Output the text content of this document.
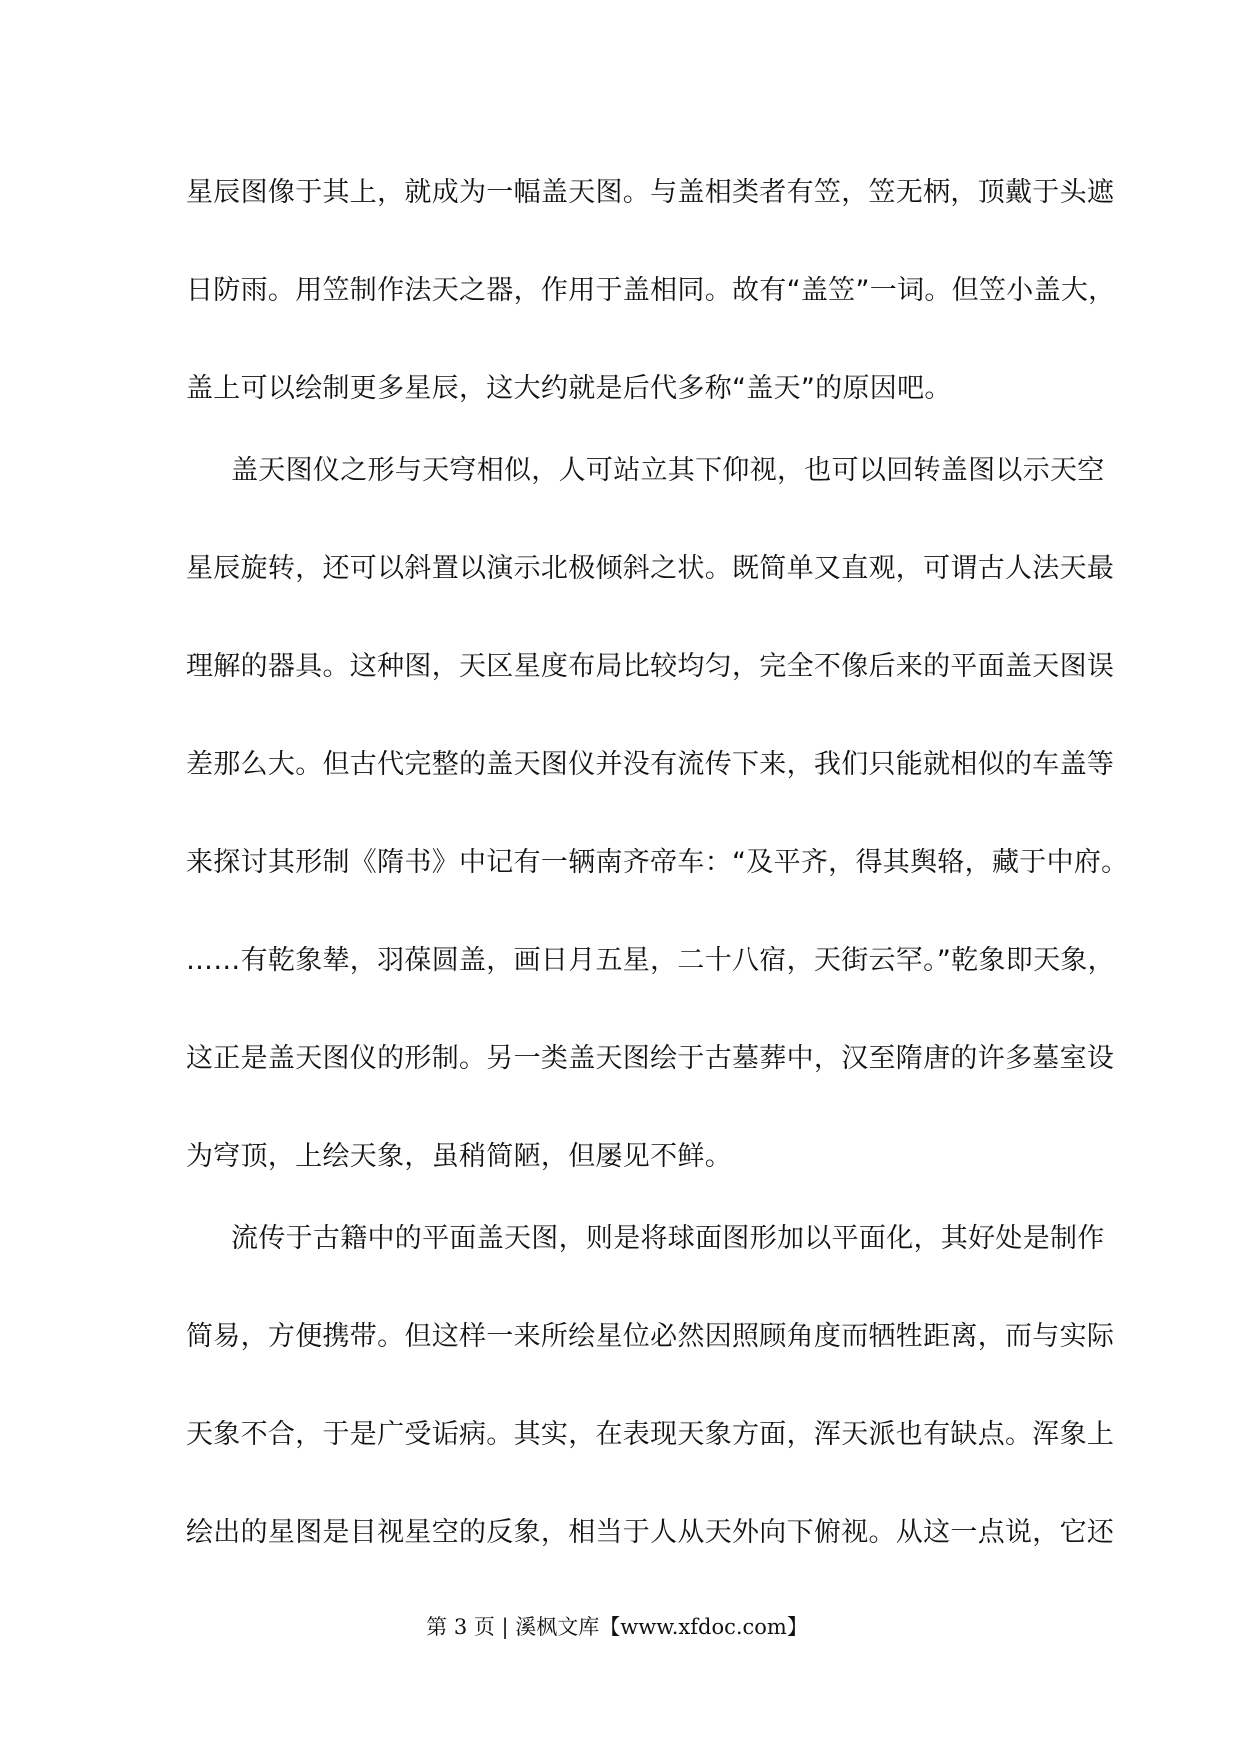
星辰图像于其上，就成为一幅盖天图。与盖相类者有笠，笠无柄，顶戴于头遮
日防雨。用笠制作法天之器，作用于盖相同。故有“盖笠”一词。但笠小盖大，
盖上可以绘制更多星辰，这大约就是后代多称“盖天”的原因吧。
盖天图仪之形与天穹相似，人可站立其下仰视，也可以回转盖图以示天空
星辰旋转，还可以斜置以演示北极倾斜之状。既简单又直观，可谓古人法天最
理解的器具。这种图，天区星度布局比较均匀，完全不像后来的平面盖天图误
差那么大。但古代完整的盖天图仪并没有流传下来，我们只能就相似的车盖等
来探讨其形制《隋书》中记有一辆南齐帝车：“及平齐，得其舆辂，藏于中府。
……有乾象辇，羽葆圆盖，画日月五星，二十八宿，天街云罕。”乾象即天象，
这正是盖天图仪的形制。另一类盖天图绘于古墓葬中，汉至隋唐的许多墓室设
为穹顶，上绘天象，虽稍简陋，但屡见不鲜。
流传于古籍中的平面盖天图，则是将球面图形加以平面化，其好处是制作
简易，方便携带。但这样一来所绘星位必然因照顾角度而牺牲距离，而与实际
天象不合，于是广受诟病。其实，在表现天象方面，浑天派也有缺点。浑象上
绘出的星图是目视星空的反象，相当于人从天外向下俯视。从这一点说，它还
第 3 页 | 溪枫文库【www.xfdoc.com】
